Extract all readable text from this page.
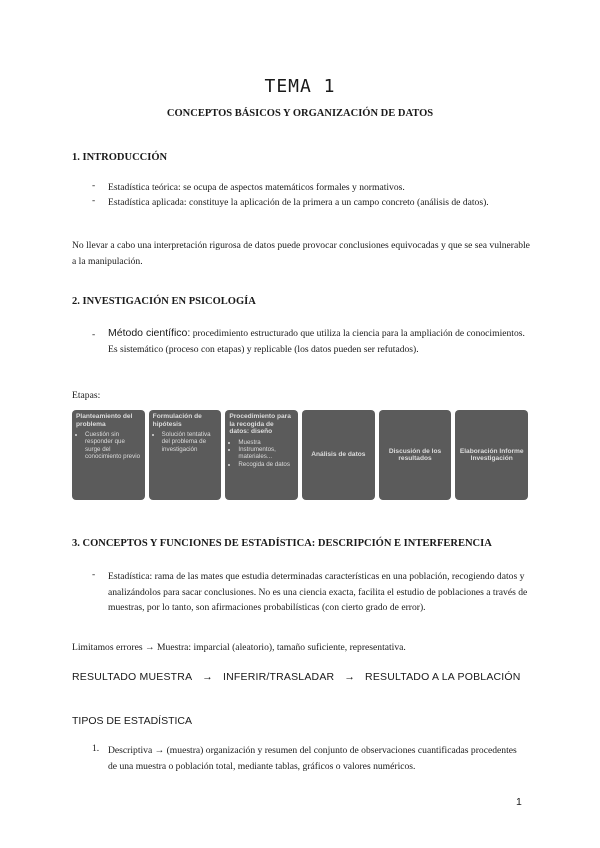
TEMA 1
CONCEPTOS BÁSICOS Y ORGANIZACIÓN DE DATOS
1. INTRODUCCIÓN
-	Estadística teórica: se ocupa de aspectos matemáticos formales y normativos.
-	Estadística aplicada: constituye la aplicación de la primera a un campo concreto (análisis de datos).
No llevar a cabo una interpretación rigurosa de datos puede provocar conclusiones equivocadas y que se sea vulnerable a la manipulación.
2. INVESTIGACIÓN EN PSICOLOGÍA
-	Método científico: procedimiento estructurado que utiliza la ciencia para la ampliación de conocimientos. Es sistemático (proceso con etapas) y replicable (los datos pueden ser refutados).
Etapas:
Planteamiento del problema
• Cuestión sin responder que surge del conocimiento previo
Formulación de hipótesis
• Solución tentativa del problema de investigación
Procedimiento para la recogida de datos: diseño
• Muestra
• Instrumentos, materiales...
• Recogida de datos
Análisis de datos
Discusión de los resultados
Elaboración Informe Investigación
3. CONCEPTOS Y FUNCIONES DE ESTADÍSTICA: DESCRIPCIÓN E INTERFERENCIA
-	Estadística: rama de las mates que estudia determinadas características en una población, recogiendo datos y analizándolos para sacar conclusiones. No es una ciencia exacta, facilita el estudio de poblaciones a través de muestras, por lo tanto, son afirmaciones probabilísticas (con cierto grado de error).
Limitamos errores → Muestra: imparcial (aleatorio), tamaño suficiente, representativa.
RESULTADO MUESTRA → INFERIR/TRASLADAR → RESULTADO A LA POBLACIÓN
TIPOS DE ESTADÍSTICA
1. Descriptiva → (muestra) organización y resumen del conjunto de observaciones cuantificadas procedentes de una muestra o población total, mediante tablas, gráficos o valores numéricos.
1
